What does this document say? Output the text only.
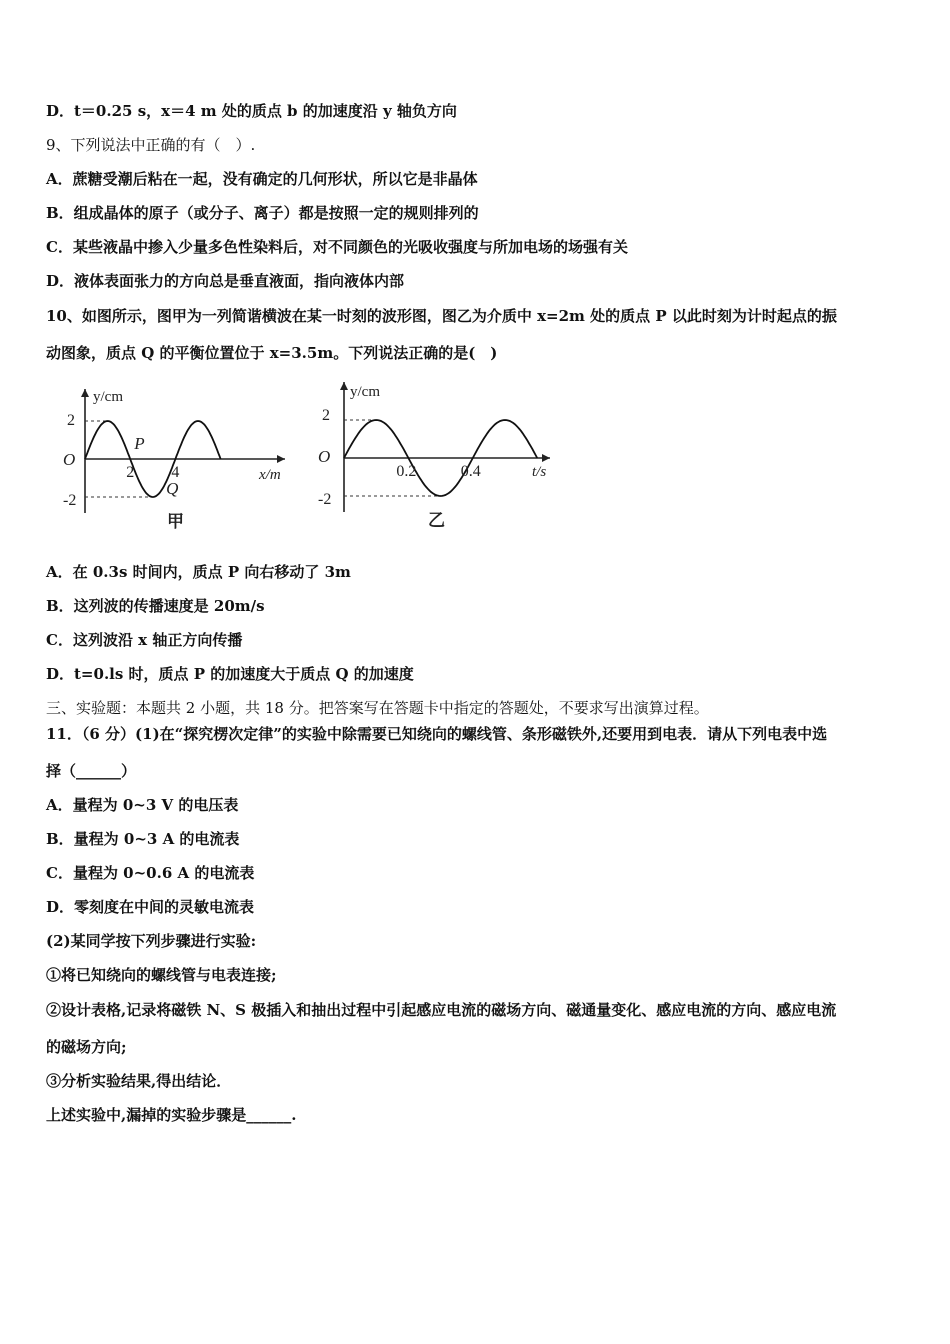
D．t＝0.25 s，x＝4 m 处的质点 b 的加速度沿 y 轴负方向
9、下列说法中正确的有（　）.
A．蔗糖受潮后粘在一起，没有确定的几何形状，所以它是非晶体
B．组成晶体的原子（或分子、离子）都是按照一定的规则排列的
C．某些液晶中掺入少量多色性染料后，对不同颜色的光吸收强度与所加电场的场强有关
D．液体表面张力的方向总是垂直液面，指向液体内部
10、如图所示，图甲为一列简谐横波在某一时刻的波形图，图乙为介质中 x=2m 处的质点 P 以此时刻为计时起点的振
动图象，质点 Q 的平衡位置位于 x=3.5m。下列说法正确的是(　)
O
y/cm
x/m
2
-2
2 4
甲
P
Q
O
y/cm
t/s
2
-2
0.2	0.4
乙
A．在 0.3s 时间内，质点 P 向右移动了 3m
B．这列波的传播速度是 20m/s
C．这列波沿 x 轴正方向传播
D．t=0.ls 时，质点 P 的加速度大于质点 Q 的加速度
三、实验题：本题共 2 小题，共 18 分。把答案写在答题卡中指定的答题处，不要求写出演算过程。
11．（6 分）(1)在“探究楞次定律”的实验中除需要已知绕向的螺线管、条形磁铁外,还要用到电表．请从下列电表中选
择（______）
A．量程为 0~3 V 的电压表
B．量程为 0~3 A 的电流表
C．量程为 0~0.6 A 的电流表
D．零刻度在中间的灵敏电流表
(2)某同学按下列步骤进行实验:
①将已知绕向的螺线管与电表连接;
②设计表格,记录将磁铁 N、S 极插入和抽出过程中引起感应电流的磁场方向、磁通量变化、感应电流的方向、感应电流
的磁场方向;
③分析实验结果,得出结论．
上述实验中,漏掉的实验步骤是______.
